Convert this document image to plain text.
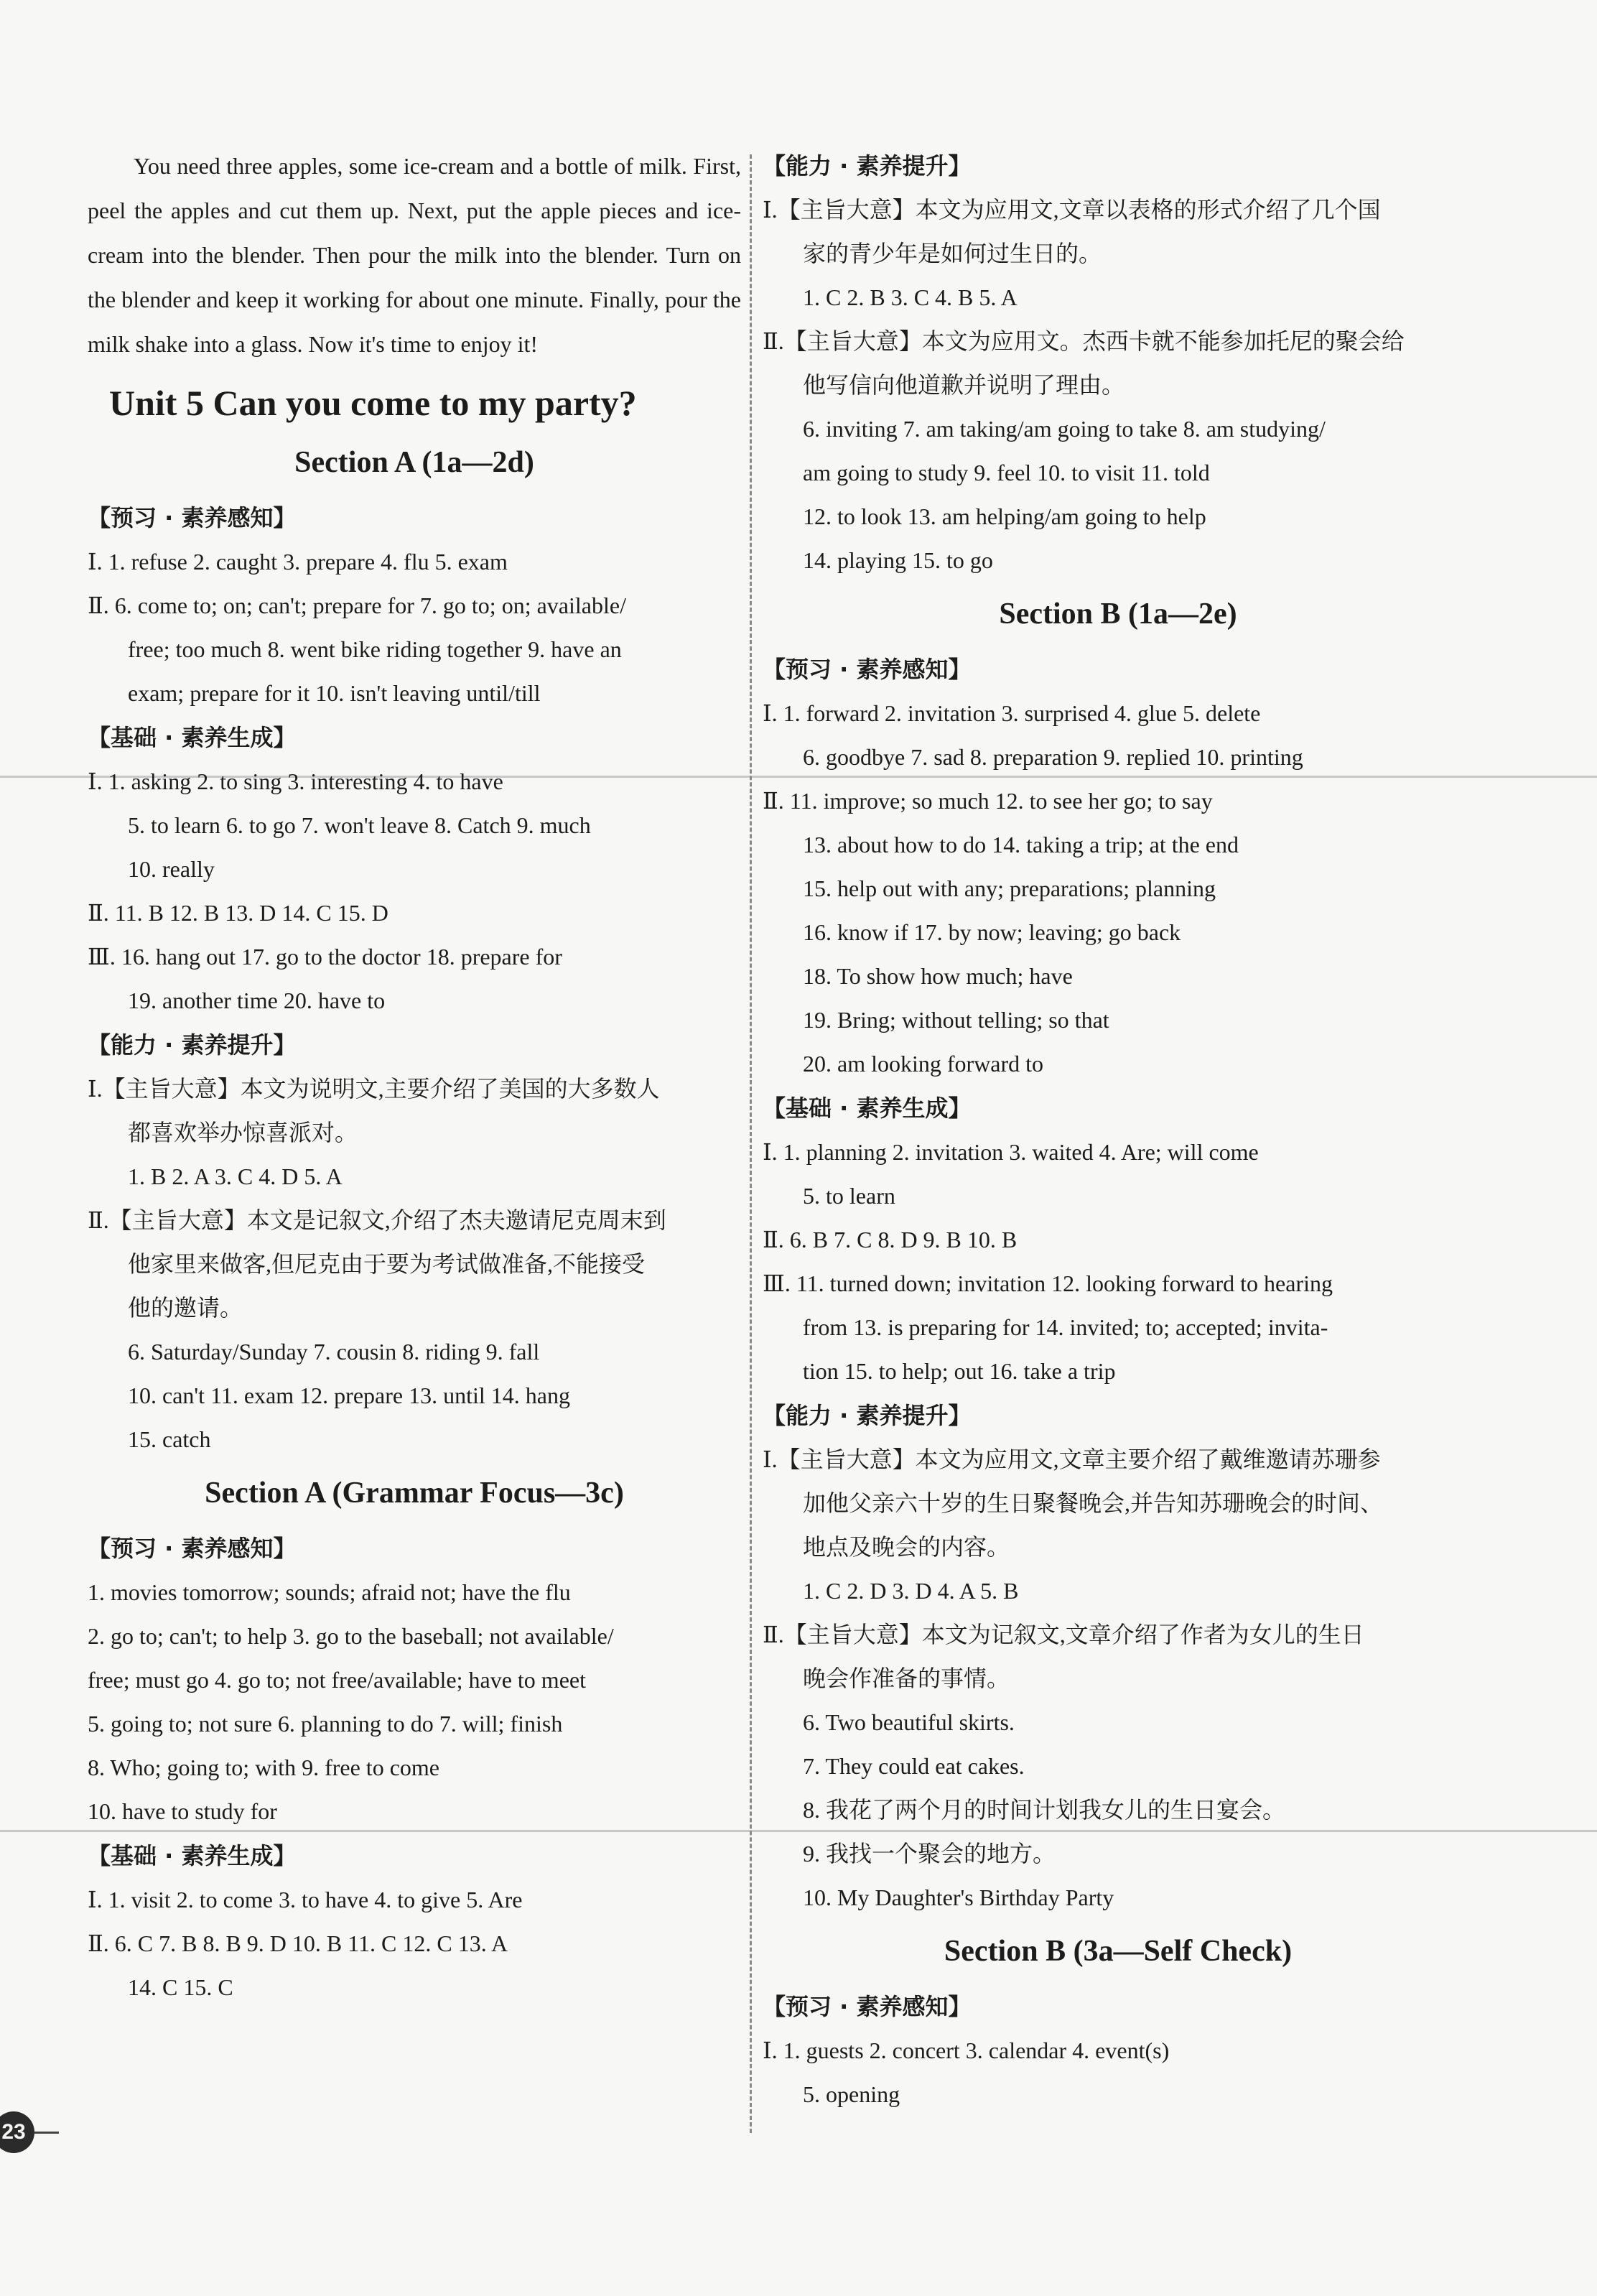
You need three apples, some ice-cream and a bottle of milk. First, peel the apples and cut them up. Next, put the apple pieces and ice-cream into the blender. Then pour the milk into the blender. Turn on the blender and keep it working for about one minute. Finally, pour the milk shake into a glass. Now it's time to enjoy it!

Unit 5 Can you come to my party?
Section A (1a—2d)
【预习 · 素养感知】
Ⅰ. 1. refuse 2. caught 3. prepare 4. flu 5. exam
Ⅱ. 6. come to; on; can't; prepare for 7. go to; on; available/
free; too much 8. went bike riding together 9. have an
exam; prepare for it 10. isn't leaving until/till
【基础 · 素养生成】
Ⅰ. 1. asking 2. to sing 3. interesting 4. to have
5. to learn 6. to go 7. won't leave 8. Catch 9. much
10. really
Ⅱ. 11. B 12. B 13. D 14. C 15. D
Ⅲ. 16. hang out 17. go to the doctor 18. prepare for
19. another time 20. have to
【能力 · 素养提升】
Ⅰ.【主旨大意】本文为说明文,主要介绍了美国的大多数人
都喜欢举办惊喜派对。
1. B 2. A 3. C 4. D 5. A
Ⅱ.【主旨大意】本文是记叙文,介绍了杰夫邀请尼克周末到
他家里来做客,但尼克由于要为考试做准备,不能接受
他的邀请。
6. Saturday/Sunday 7. cousin 8. riding 9. fall
10. can't 11. exam 12. prepare 13. until 14. hang
15. catch
Section A (Grammar Focus—3c)
【预习 · 素养感知】
1. movies tomorrow; sounds; afraid not; have the flu
2. go to; can't; to help 3. go to the baseball; not available/
free; must go 4. go to; not free/available; have to meet
5. going to; not sure 6. planning to do 7. will; finish
8. Who; going to; with 9. free to come
10. have to study for
【基础 · 素养生成】
Ⅰ. 1. visit 2. to come 3. to have 4. to give 5. Are
Ⅱ. 6. C 7. B 8. B 9. D 10. B 11. C 12. C 13. A
14. C 15. C
【能力 · 素养提升】
Ⅰ.【主旨大意】本文为应用文,文章以表格的形式介绍了几个国
家的青少年是如何过生日的。
1. C 2. B 3. C 4. B 5. A
Ⅱ.【主旨大意】本文为应用文。杰西卡就不能参加托尼的聚会给
他写信向他道歉并说明了理由。
6. inviting 7. am taking/am going to take 8. am studying/
am going to study 9. feel 10. to visit 11. told
12. to look 13. am helping/am going to help
14. playing 15. to go
Section B (1a—2e)
【预习 · 素养感知】
Ⅰ. 1. forward 2. invitation 3. surprised 4. glue 5. delete
6. goodbye 7. sad 8. preparation 9. replied 10. printing
Ⅱ. 11. improve; so much 12. to see her go; to say
13. about how to do 14. taking a trip; at the end
15. help out with any; preparations; planning
16. know if 17. by now; leaving; go back
18. To show how much; have
19. Bring; without telling; so that
20. am looking forward to
【基础 · 素养生成】
Ⅰ. 1. planning 2. invitation 3. waited 4. Are; will come
5. to learn
Ⅱ. 6. B 7. C 8. D 9. B 10. B
Ⅲ. 11. turned down; invitation 12. looking forward to hearing
from 13. is preparing for 14. invited; to; accepted; invita-
tion 15. to help; out 16. take a trip
【能力 · 素养提升】
Ⅰ.【主旨大意】本文为应用文,文章主要介绍了戴维邀请苏珊参
加他父亲六十岁的生日聚餐晚会,并告知苏珊晚会的时间、
地点及晚会的内容。
1. C 2. D 3. D 4. A 5. B
Ⅱ.【主旨大意】本文为记叙文,文章介绍了作者为女儿的生日
晚会作准备的事情。
6. Two beautiful skirts.
7. They could eat cakes.
8. 我花了两个月的时间计划我女儿的生日宴会。
9. 我找一个聚会的地方。
10. My Daughter's Birthday Party
Section B (3a—Self Check)
【预习 · 素养感知】
Ⅰ. 1. guests 2. concert 3. calendar 4. event(s)
5. opening
23
